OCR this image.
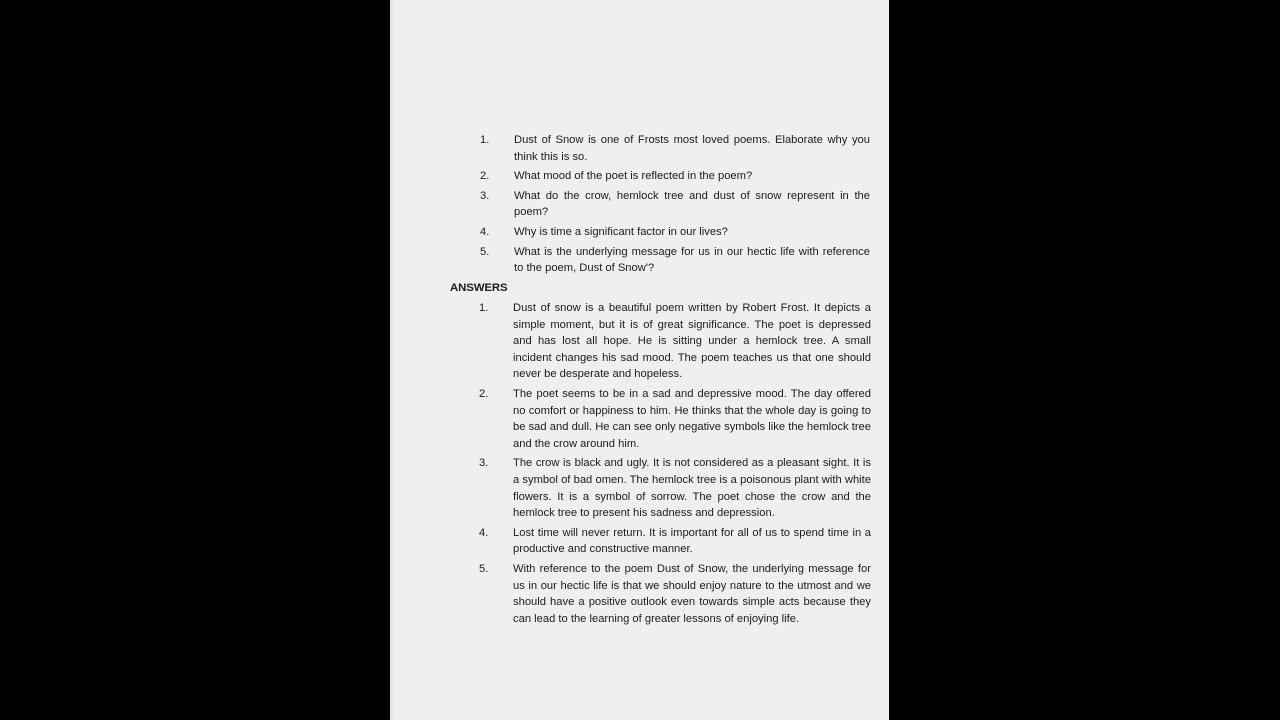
1. Dust of Snow is one of Frosts most loved poems. Elaborate why you think this is so.
2. What mood of the poet is reflected in the poem?
3. What do the crow, hemlock tree and dust of snow represent in the poem?
4. Why is time a significant factor in our lives?
5. What is the underlying message for us in our hectic life with reference to the poem, Dust of Snow'?
ANSWERS
1. Dust of snow is a beautiful poem written by Robert Frost. It depicts a simple moment, but it is of great significance. The poet is depressed and has lost all hope. He is sitting under a hemlock tree. A small incident changes his sad mood. The poem teaches us that one should never be desperate and hopeless.
2. The poet seems to be in a sad and depressive mood. The day offered no comfort or happiness to him. He thinks that the whole day is going to be sad and dull. He can see only negative symbols like the hemlock tree and the crow around him.
3. The crow is black and ugly. It is not considered as a pleasant sight. It is a symbol of bad omen. The hemlock tree is a poisonous plant with white flowers. It is a symbol of sorrow. The poet chose the crow and the hemlock tree to present his sadness and depression.
4. Lost time will never return. It is important for all of us to spend time in a productive and constructive manner.
5. With reference to the poem Dust of Snow, the underlying message for us in our hectic life is that we should enjoy nature to the utmost and we should have a positive outlook even towards simple acts because they can lead to the learning of greater lessons of enjoying life.
